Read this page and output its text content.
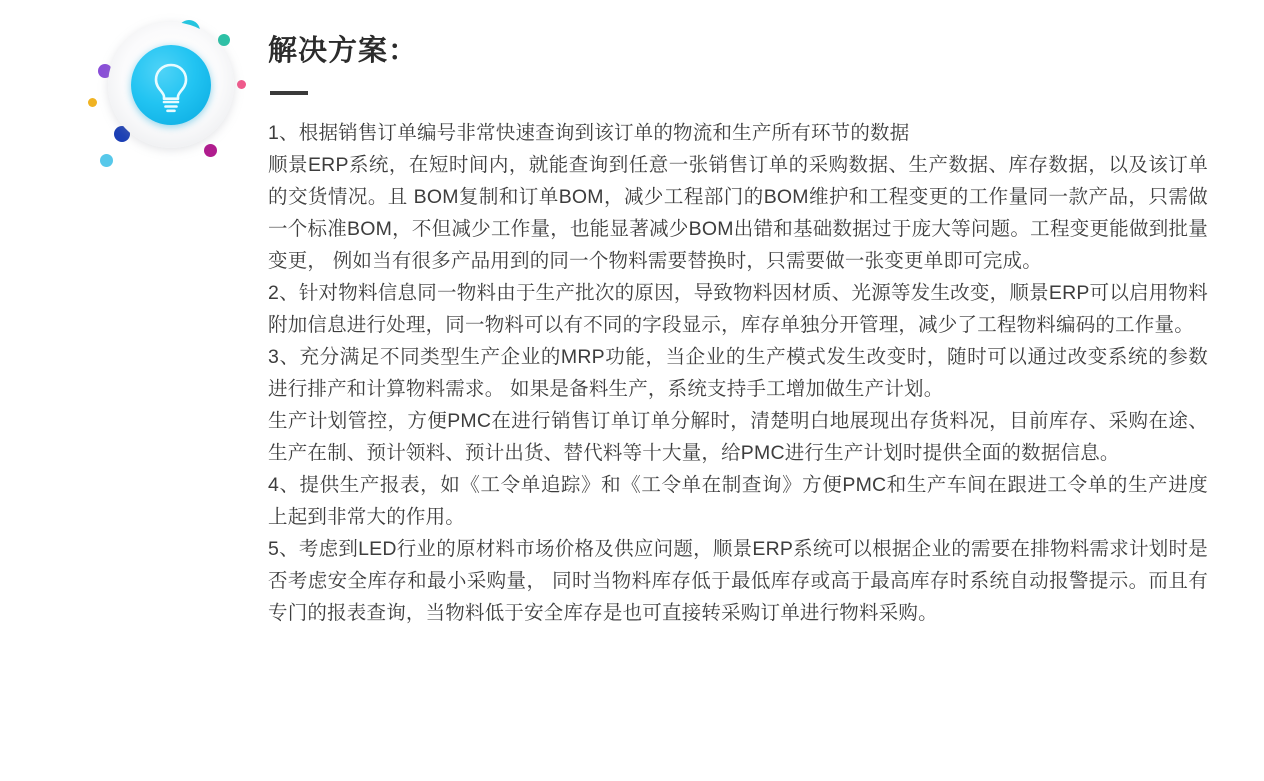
解决方案：

1、根据销售订单编号非常快速查询到该订单的物流和生产所有环节的数据

顺景ERP系统，在短时间内，就能查询到任意一张销售订单的采购数据、生产数据、库存数据，以及该订单的交货情况。且 BOM复制和订单BOM，减少工程部门的BOM维护和工程变更的工作量同一款产品，只需做一个标准BOM，不但减少工作量，也能显著减少BOM出错和基础数据过于庞大等问题。工程变更能做到批量变更， 例如当有很多产品用到的同一个物料需要替换时，只需要做一张变更单即可完成。

2、针对物料信息同一物料由于生产批次的原因，导致物料因材质、光源等发生改变，顺景ERP可以启用物料附加信息进行处理，同一物料可以有不同的字段显示，库存单独分开管理，减少了工程物料编码的工作量。

3、充分满足不同类型生产企业的MRP功能，当企业的生产模式发生改变时，随时可以通过改变系统的参数进行排产和计算物料需求。 如果是备料生产，系统支持手工增加做生产计划。

生产计划管控，方便PMC在进行销售订单订单分解时，清楚明白地展现出存货料况，目前库存、采购在途、生产在制、预计领料、预计出货、替代料等十大量，给PMC进行生产计划时提供全面的数据信息。

4、提供生产报表，如《工令单追踪》和《工令单在制查询》方便PMC和生产车间在跟进工令单的生产进度上起到非常大的作用。

5、考虑到LED行业的原材料市场价格及供应问题，顺景ERP系统可以根据企业的需要在排物料需求计划时是否考虑安全库存和最小采购量， 同时当物料库存低于最低库存或高于最高库存时系统自动报警提示。而且有专门的报表查询，当物料低于安全库存是也可直接转采购订单进行物料采购。
